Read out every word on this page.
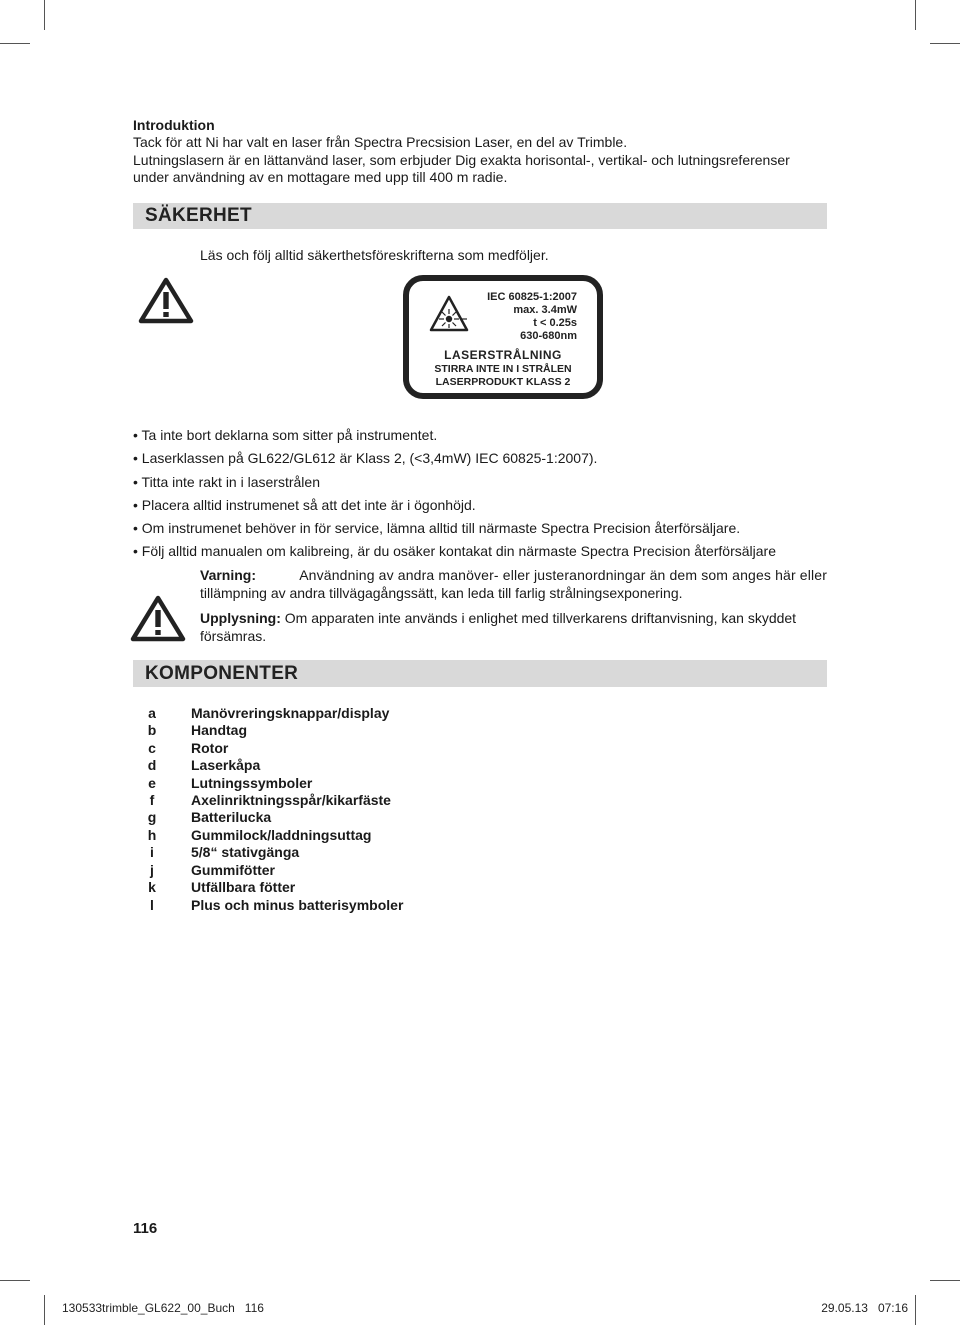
Introduktion
Tack för att Ni har valt en laser från Spectra Precsision Laser, en del av Trimble.
Lutningslasern är en lättanvänd laser, som erbjuder Dig exakta horisontal-, vertikal- och lutningsreferenser
under användning av en mottagare med upp till 400 m radie.
SÄKERHET
Läs och följ alltid säkerthetsföreskrifterna som medföljer.
IEC 60825-1:2007
max. 3.4mW
t < 0.25s
630-680nm
LASERSTRÅLNING
STIRRA INTE IN I STRÅLEN
LASERPRODUKT KLASS 2
• Ta inte bort deklarna som sitter på instrumentet.
• Laserklassen på GL622/GL612 är Klass 2, (<3,4mW) IEC 60825-1:2007).
• Titta inte rakt in i laserstrålen
• Placera alltid instrumenet så att det inte är i ögonhöjd.
• Om instrumenet behöver in för service, lämna alltid till närmaste Spectra Precision återförsäljare.
• Följ alltid manualen om kalibreing, är du osäker kontakat din närmaste Spectra Precision återförsäljare
Varning:	Användning av andra manöver- eller justeranordningar än dem som anges här eller
tillämpning av andra tillvägagångssätt, kan leda till farlig strålningsexponering.
Upplysning: Om apparaten inte används i enlighet med tillverkarens driftanvisning, kan skyddet
försämras.
KOMPONENTER
a	Manövreringsknappar/display
b Handtag
c	Rotor
d Laserkåpa
e	Lutningssymboler
f	Axelinriktningsspår/kikarfäste
g Batterilucka
h Gummilock/laddningsuttag
i	5/8“ stativgänga
j	Gummifötter
k	Utfällbara fötter
l	Plus och minus batterisymboler
116
130533trimble_GL622_00_Buch   116	29.05.13   07:16
